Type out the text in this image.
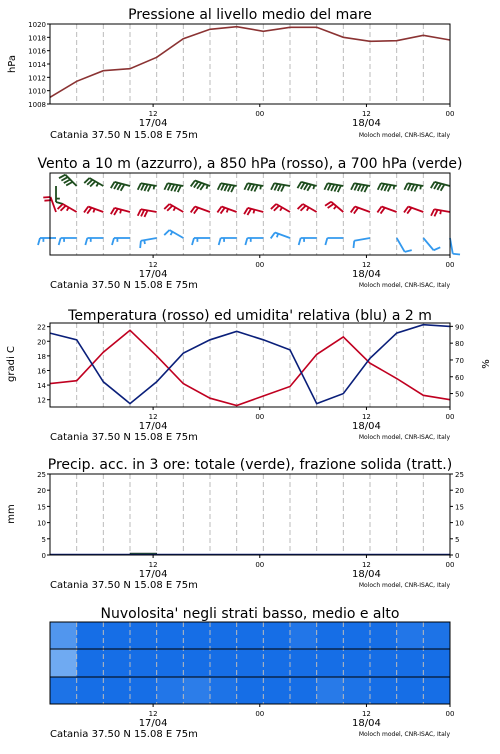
Pressione al livello medio del mare
hPa
1008
1010
1012
1014
1016
1018
1020
12	00	12	00
17/04	18/04
Catania 37.50 N 15.08 E 75m	Moloch model, CNR-ISAC, Italy
Vento a 10 m (azzurro), a 850 hPa (rosso), a 700 hPa (verde)
12	00	12	00
17/04	18/04
Catania 37.50 N 15.08 E 75m	Moloch model, CNR-ISAC, Italy
Temperatura (rosso) ed umidita' relativa (blu) a 2 m
gradi C	%
12
14
16
18
20
22
50
60
70
80
90
12	00	12	00
17/04	18/04
Catania 37.50 N 15.08 E 75m	Moloch model, CNR-ISAC, Italy
Precip. acc. in 3 ore: totale (verde), frazione solida (tratt.)
mm
0
5
10
15
20
25
0
5
10
15
20
25
12	00	12	00
17/04	18/04
Catania 37.50 N 15.08 E 75m	Moloch model, CNR-ISAC, Italy
Nuvolosita' negli strati basso, medio e alto
12	00	12	00
17/04	18/04
Catania 37.50 N 15.08 E 75m	Moloch model, CNR-ISAC, Italy
